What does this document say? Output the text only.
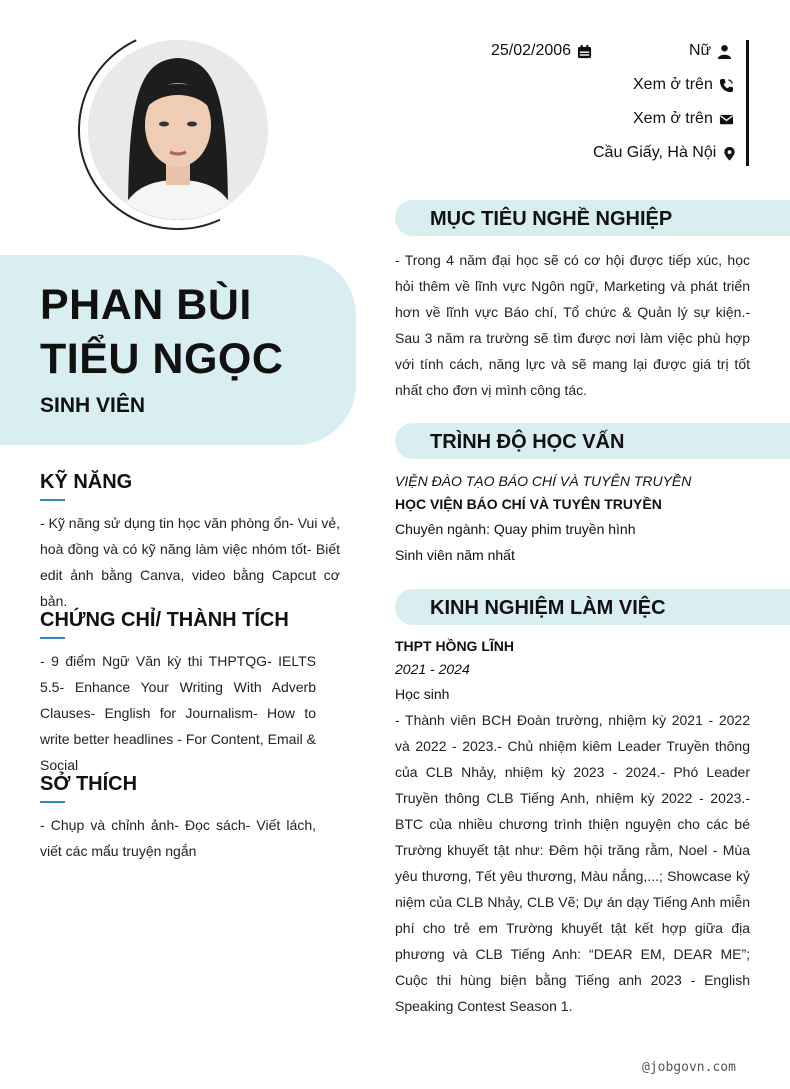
PHAN BÙI
TIỂU NGỌC
SINH VIÊN
25/02/2006	Nữ
Xem ở trên
Xem ở trên
Cầu Giấy, Hà Nội
KỸ NĂNG
- Kỹ năng sử dụng tin học văn phòng ổn- Vui vẻ, hoà đồng và có kỹ năng làm việc nhóm tốt- Biết edit ảnh bằng Canva, video bằng Capcut cơ bản.
CHỨNG CHỈ/ THÀNH TÍCH
- 9 điểm Ngữ Văn kỳ thi THPTQG- IELTS 5.5- Enhance Your Writing With Adverb Clauses- English for Journalism- How to write better headlines - For Content, Email & Social
SỞ THÍCH
- Chụp và chỉnh ảnh- Đọc sách- Viết lách, viết các mẩu truyện ngắn
MỤC TIÊU NGHỀ NGHIỆP
- Trong 4 năm đại học sẽ có cơ hội được tiếp xúc, học hỏi thêm về lĩnh vực Ngôn ngữ, Marketing và phát triển hơn về lĩnh vực Báo chí, Tổ chức & Quản lý sự kiện.- Sau 3 năm ra trường sẽ tìm được nơi làm việc phù hợp với tính cách, năng lực và sẽ mang lại được giá trị tốt nhất cho đơn vị mình công tác.
TRÌNH ĐỘ HỌC VẤN
VIỆN ĐÀO TẠO BÁO CHÍ VÀ TUYÊN TRUYỀN
HỌC VIỆN BÁO CHÍ VÀ TUYÊN TRUYỀN
Chuyên ngành: Quay phim truyền hình
Sinh viên năm nhất
KINH NGHIỆM LÀM VIỆC
THPT HỒNG LĨNH
2021 - 2024
Học sinh
- Thành viên BCH Đoàn trường, nhiệm kỳ 2021 - 2022 và 2022 - 2023.- Chủ nhiệm kiêm Leader Truyền thông của CLB Nhảy, nhiệm kỳ 2023 - 2024.- Phó Leader Truyền thông CLB Tiếng Anh, nhiệm kỳ 2022 - 2023.- BTC của nhiều chương trình thiện nguyện cho các bé Trường khuyết tật như: Đêm hội trăng rằm, Noel - Mùa yêu thương, Tết yêu thương, Màu nắng,...; Showcase kỷ niệm của CLB Nhảy, CLB Vẽ; Dự án dạy Tiếng Anh miễn phí cho trẻ em Trường khuyết tật kết hợp giữa địa phương và CLB Tiếng Anh: “DEAR EM, DEAR ME”; Cuộc thi hùng biện bằng Tiếng anh 2023 - English Speaking Contest Season 1.
@jobgovn.com
